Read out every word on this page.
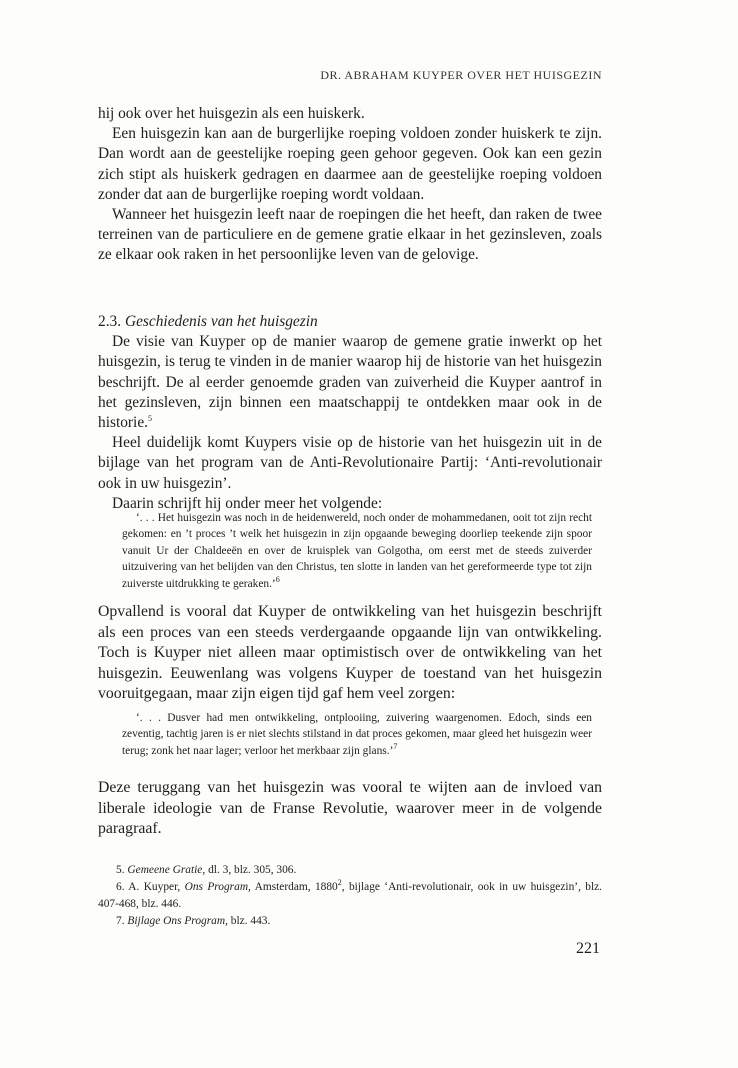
DR. ABRAHAM KUYPER OVER HET HUISGEZIN

hij ook over het huisgezin als een huiskerk.

Een huisgezin kan aan de burgerlijke roeping voldoen zonder huiskerk te zijn. Dan wordt aan de geestelijke roeping geen gehoor gegeven. Ook kan een gezin zich stipt als huiskerk gedragen en daarmee aan de geestelijke roeping voldoen zonder dat aan de burgerlijke roeping wordt voldaan.

Wanneer het huisgezin leeft naar de roepingen die het heeft, dan raken de twee terreinen van de particuliere en de gemene gratie elkaar in het gezinsleven, zoals ze elkaar ook raken in het persoonlijke leven van de gelovige.

2.3. Geschiedenis van het huisgezin

De visie van Kuyper op de manier waarop de gemene gratie inwerkt op het huisgezin, is terug te vinden in de manier waarop hij de historie van het huisgezin beschrijft. De al eerder genoemde graden van zuiverheid die Kuyper aantrof in het gezinsleven, zijn binnen een maatschappij te ontdekken maar ook in de historie.$^5$

Heel duidelijk komt Kuypers visie op de historie van het huisgezin uit in de bijlage van het program van de Anti-Revolutionaire Partij: ‘Anti-revolutionair ook in uw huisgezin’.

Daarin schrijft hij onder meer het volgende:

‘. . . Het huisgezin was noch in de heidenwereld, noch onder de mohammedanen, ooit tot zijn recht gekomen: en ’t proces ’t welk het huisgezin in zijn opgaande beweging doorliep teekende zijn spoor vanuit Ur der Chaldeeën en over de kruisplek van Golgotha, om eerst met de steeds zuiverder uitzuivering van het belijden van den Christus, ten slotte in landen van het gereformeerde type tot zijn zuiverste uitdrukking te geraken.’$^6$

Opvallend is vooral dat Kuyper de ontwikkeling van het huisgezin beschrijft als een proces van een steeds verdergaande opgaande lijn van ontwikkeling. Toch is Kuyper niet alleen maar optimistisch over de ontwikkeling van het huisgezin. Eeuwenlang was volgens Kuyper de toestand van het huisgezin vooruitgegaan, maar zijn eigen tijd gaf hem veel zorgen:

‘. . . Dusver had men ontwikkeling, ontplooiing, zuivering waargenomen. Edoch, sinds een zeventig, tachtig jaren is er niet slechts stilstand in dat proces gekomen, maar gleed het huisgezin weer terug; zonk het naar lager; verloor het merkbaar zijn glans.’$^7$

Deze teruggang van het huisgezin was vooral te wijten aan de invloed van liberale ideologie van de Franse Revolutie, waarover meer in de volgende paragraaf.

5. Gemeene Gratie, dl. 3, blz. 305, 306.

6. A. Kuyper, Ons Program, Amsterdam, 1880$^2$, bijlage ‘Anti-revolutionair, ook in uw huisgezin’, blz. 407-468, blz. 446.

7. Bijlage Ons Program, blz. 443.

221
